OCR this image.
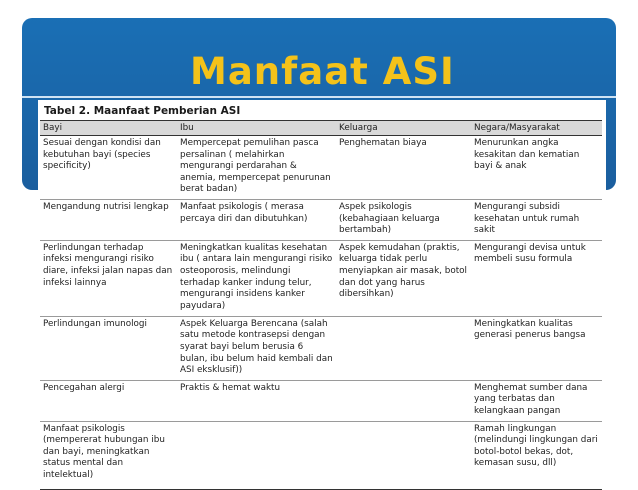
Manfaat ASI
Tabel 2. Maanfaat Pemberian ASI
Bayi	Ibu	Keluarga	Negara/Masyarakat
Sesuai dengan kondisi dan kebutuhan bayi (species specificity)	Mempercepat pemulihan pasca persalinan ( melahirkan mengurangi perdarahan & anemia, mempercepat penurunan berat badan)	Penghematan biaya	Menurunkan angka kesakitan dan kematian bayi & anak
Mengandung nutrisi lengkap	Manfaat psikologis ( merasa percaya diri dan dibutuhkan)	Aspek psikologis (kebahagiaan keluarga bertambah)	Mengurangi subsidi kesehatan untuk rumah sakit
Perlindungan terhadap infeksi mengurangi risiko diare, infeksi jalan napas dan infeksi lainnya	Meningkatkan kualitas kesehatan ibu ( antara lain mengurangi risiko osteoporosis, melindungi terhadap kanker indung telur, mengurangi insidens kanker payudara)	Aspek kemudahan (praktis, keluarga tidak perlu menyiapkan air masak, botol dan dot yang harus dibersihkan)	Mengurangi devisa untuk membeli susu formula
Perlindungan imunologi	Aspek Keluarga Berencana (salah satu metode kontrasepsi dengan syarat bayi belum berusia 6 bulan, ibu belum haid kembali dan ASI eksklusif))		Meningkatkan kualitas generasi penerus bangsa
Pencegahan alergi	Praktis & hemat waktu		Menghemat sumber dana yang terbatas dan kelangkaan pangan
Manfaat psikologis (mempererat hubungan ibu dan bayi, meningkatkan status mental dan intelektual)			Ramah lingkungan (melindungi lingkungan dari botol-botol bekas, dot, kemasan susu, dll)
